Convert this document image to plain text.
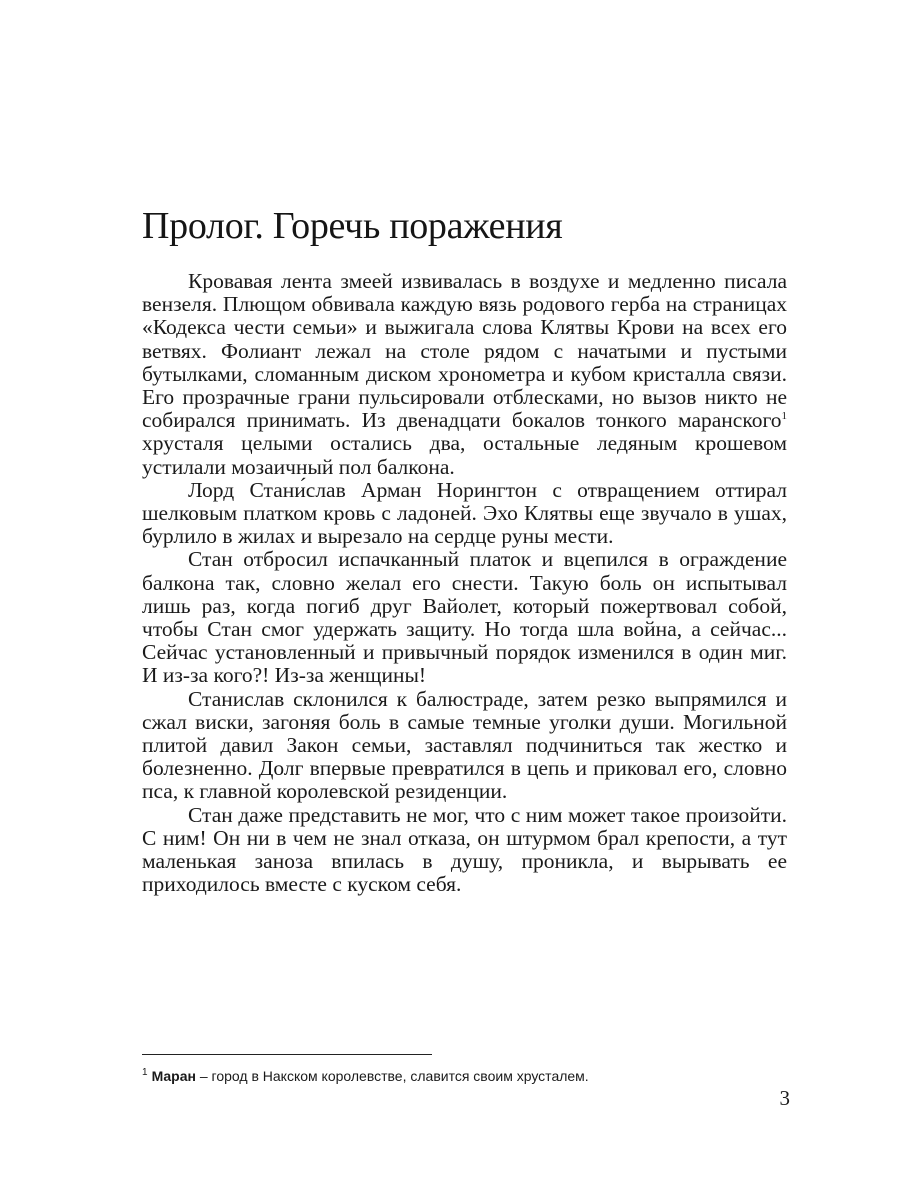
Пролог. Горечь поражения

Кровавая лента змеей извивалась в воздухе и медленно писала вензеля. Плющом обвивала каждую вязь родового герба на страницах «Кодекса чести семьи» и выжигала слова Клятвы Крови на всех его ветвях. Фолиант лежал на столе рядом с начатыми и пустыми бутылками, сломанным диском хронометра и кубом кристалла связи. Его прозрачные грани пульсировали отблесками, но вызов никто не собирался принимать. Из двенадцати бокалов тонкого маранского$^1$ хрусталя целыми остались два, остальные ледяным крошевом устилали мозаичный пол балкона.

Лорд Станислав Арман Норингтон с отвращением оттирал шелковым платком кровь с ладоней. Эхо Клятвы еще звучало в ушах, бурлило в жилах и вырезало на сердце руны мести.

Стан отбросил испачканный платок и вцепился в ограждение балкона так, словно желал его снести. Такую боль он испытывал лишь раз, когда погиб друг Вайолет, который пожертвовал собой, чтобы Стан смог удержать защиту. Но тогда шла война, а сейчас... Сейчас установленный и привычный порядок изменился в один миг. И из-за кого?! Из-за женщины!

Станислав склонился к балюстраде, затем резко выпрямился и сжал виски, загоняя боль в самые темные уголки души. Могильной плитой давил Закон семьи, заставлял подчиниться так жестко и болезненно. Долг впервые превратился в цепь и приковал его, словно пса, к главной королевской резиденции.

Стан даже представить не мог, что с ним может такое произойти. С ним! Он ни в чем не знал отказа, он штурмом брал крепости, а тут маленькая заноза впилась в душу, проникла, и вырывать ее приходилось вместе с куском себя.

$^1$ Маран – город в Накском королевстве, славится своим хрусталем.
3
